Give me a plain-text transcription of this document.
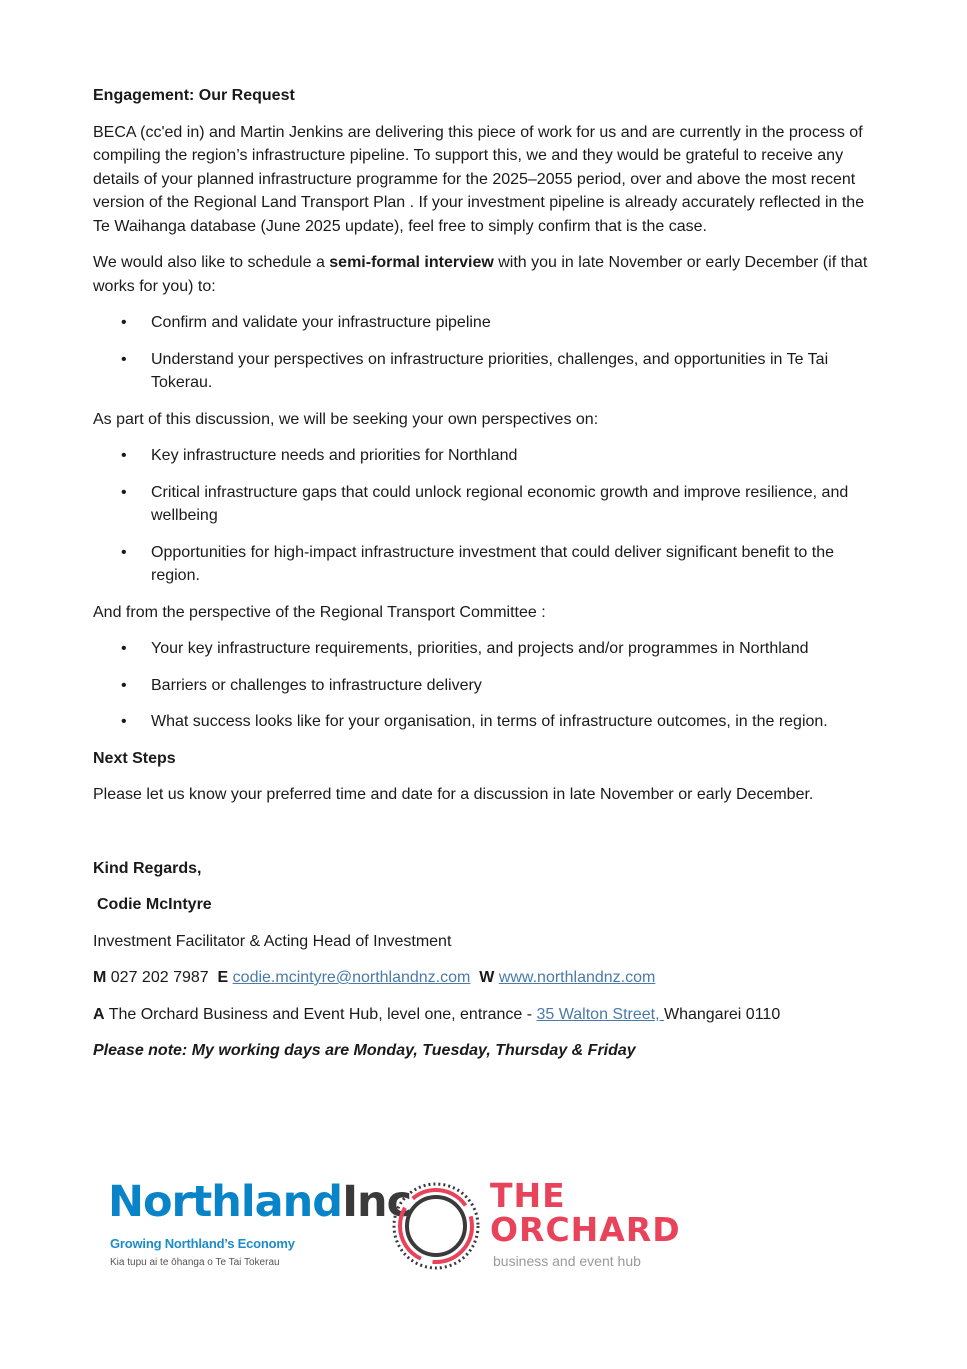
Engagement: Our Request
BECA (cc'ed in) and Martin Jenkins are delivering this piece of work for us and are currently in the process of compiling the region’s infrastructure pipeline. To support this, we and they would be grateful to receive any details of your planned infrastructure programme for the 2025–2055 period, over and above the most recent version of the Regional Land Transport Plan . If your investment pipeline is already accurately reflected in the Te Waihanga database (June 2025 update), feel free to simply confirm that is the case.
We would also like to schedule a semi-formal interview with you in late November or early December (if that works for you) to:
• Confirm and validate your infrastructure pipeline
• Understand your perspectives on infrastructure priorities, challenges, and opportunities in Te Tai Tokerau.
As part of this discussion, we will be seeking your own perspectives on:
• Key infrastructure needs and priorities for Northland
• Critical infrastructure gaps that could unlock regional economic growth and improve resilience, and wellbeing
• Opportunities for high-impact infrastructure investment that could deliver significant benefit to the region.
And from the perspective of the Regional Transport Committee :
• Your key infrastructure requirements, priorities, and projects and/or programmes in Northland
• Barriers or challenges to infrastructure delivery
• What success looks like for your organisation, in terms of infrastructure outcomes, in the region.
Next Steps
Please let us know your preferred time and date for a discussion in late November or early December.
Kind Regards,
Codie McIntyre
Investment Facilitator & Acting Head of Investment
M 027 202 7987 E codie.mcintyre@northlandnz.com W www.northlandnz.com
A The Orchard Business and Event Hub, level one, entrance - 35 Walton Street, Whangarei 0110
Please note: My working days are Monday, Tuesday, Thursday & Friday
NorthlandInc
Growing Northland’s Economy
Kia tupu ai te ōhanga o Te Tai Tokerau
THE
ORCHARD
business and event hub
